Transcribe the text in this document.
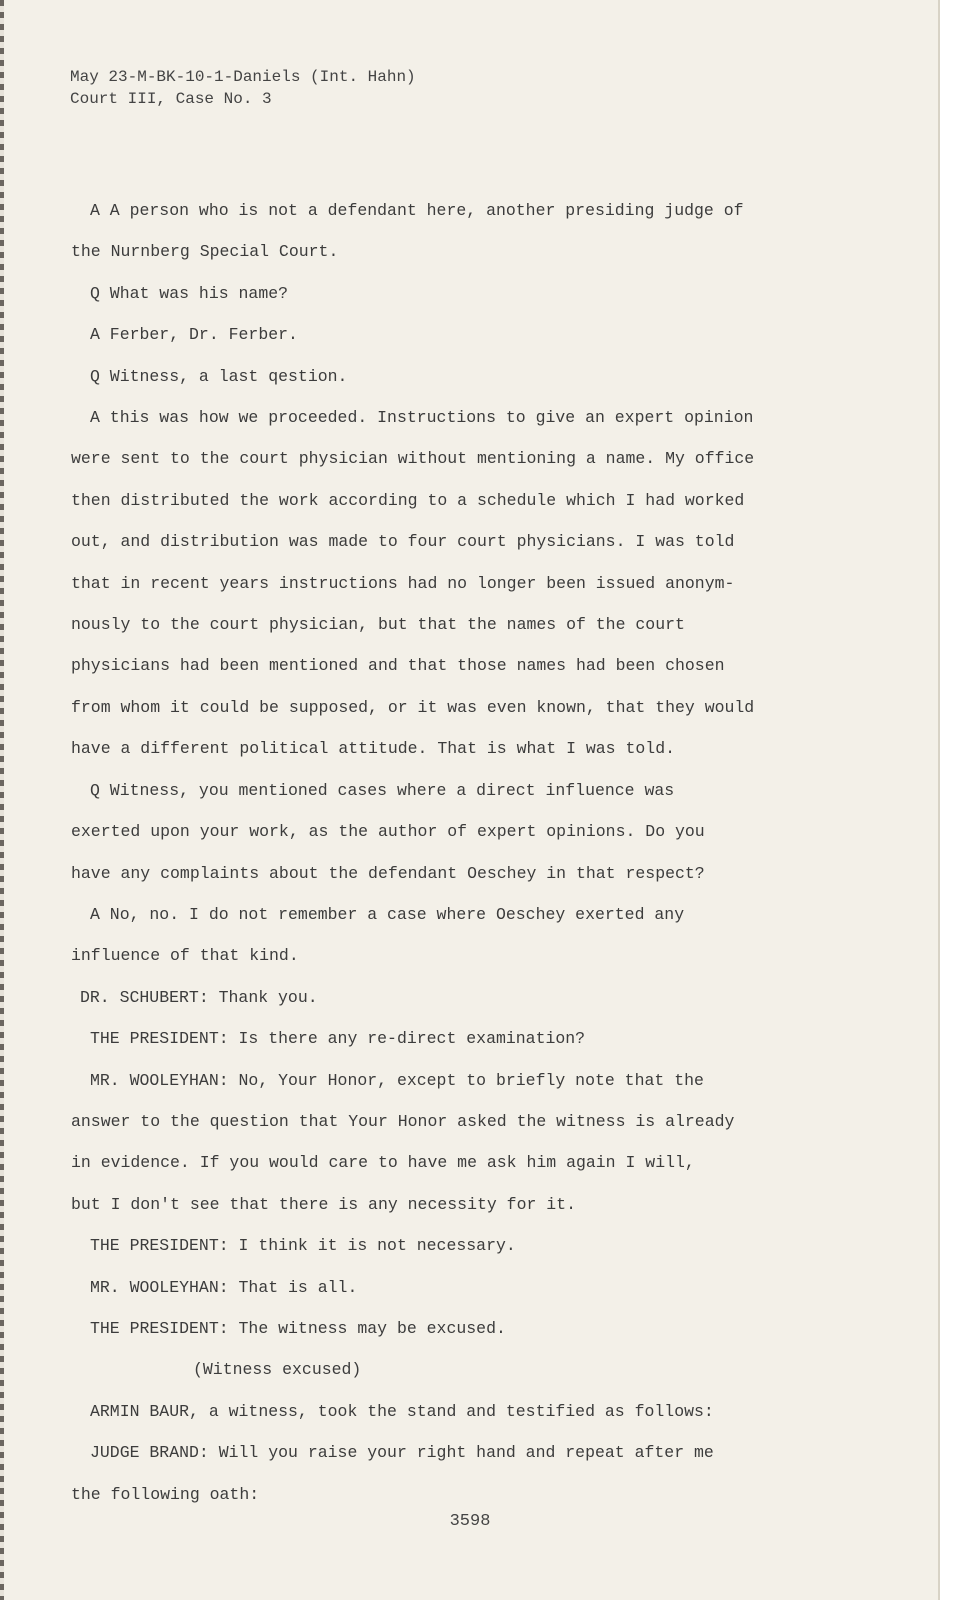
May 23-M-BK-10-1-Daniels (Int. Hahn)
Court III, Case No. 3

A A person who is not a defendant here, another presiding judge of

the Nurnberg Special Court.

Q What was his name?

A Ferber, Dr. Ferber.

Q Witness, a last qestion.

A this was how we proceeded. Instructions to give an expert opinion

were sent to the court physician without mentioning a name. My office

then distributed the work according to a schedule which I had worked

out, and distribution was made to four court physicians. I was told

that in recent years instructions had no longer been issued anonym-

nously to the court physician, but that the names of the court

physicians had been mentioned and that those names had been chosen

from whom it could be supposed, or it was even known, that they would

have a different political attitude. That is what I was told.

Q Witness, you mentioned cases where a direct influence was

exerted upon your work, as the author of expert opinions. Do you

have any complaints about the defendant Oeschey in that respect?

A No, no. I do not remember a case where Oeschey exerted any

influence of that kind.

DR. SCHUBERT: Thank you.

THE PRESIDENT: Is there any re-direct examination?

MR. WOOLEYHAN: No, Your Honor, except to briefly note that the

answer to the question that Your Honor asked the witness is already

in evidence. If you would care to have me ask him again I will,

but I don't see that there is any necessity for it.

THE PRESIDENT: I think it is not necessary.

MR. WOOLEYHAN: That is all.

THE PRESIDENT: The witness may be excused.

(Witness excused)

ARMIN BAUR, a witness, took the stand and testified as follows:

JUDGE BRAND: Will you raise your right hand and repeat after me

the following oath:

3598
